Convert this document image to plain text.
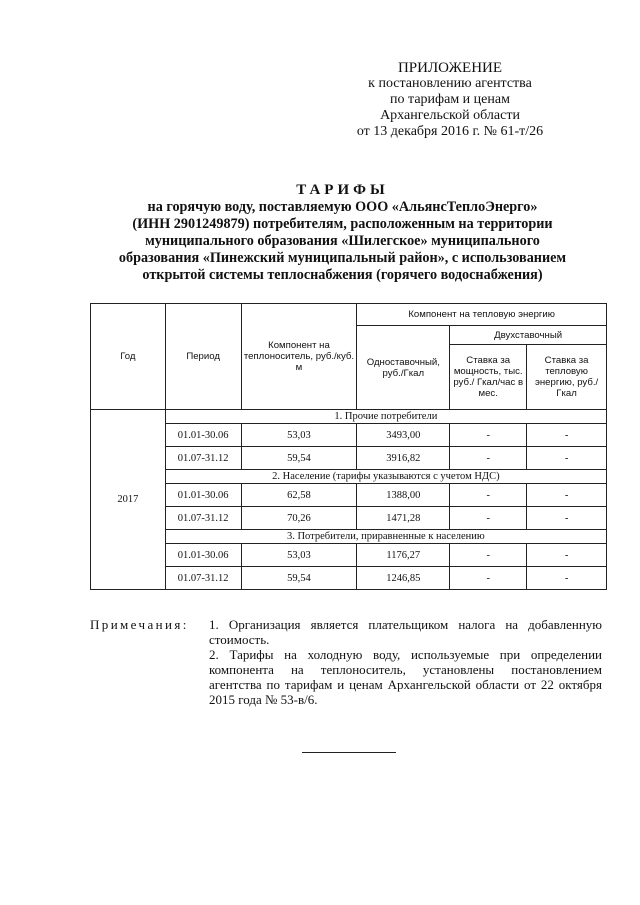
ПРИЛОЖЕНИЕ
к постановлению агентства
по тарифам и ценам
Архангельской области
от 13 декабря 2016 г. № 61-т/26
ТАРИФЫ
на горячую воду, поставляемую ООО «АльянсТеплоЭнерго»
(ИНН 2901249879) потребителям, расположенным на территории
муниципального образования «Шилегское» муниципального
образования «Пинежский муниципальный район», с использованием
открытой системы теплоснабжения (горячего водоснабжения)
Год	Период	Компонент на теплоноситель, руб./куб. м	Компонент на тепловую энергию		
			Одноставочный, руб./Гкал	Двухставочный	
				Ставка за мощность, тыс. руб./ Гкал/час в мес.	Ставка за тепловую энергию, руб./Гкал
2017	1. Прочие потребители				
	01.01-30.06	53,03	3493,00	-	-
	01.07-31.12	59,54	3916,82	-	-
	2. Население (тарифы указываются с учетом НДС)				
	01.01-30.06	62,58	1388,00	-	-
	01.07-31.12	70,26	1471,28	-	-
	3. Потребители, приравненные к населению				
	01.01-30.06	53,03	1176,27	-	-
	01.07-31.12	59,54	1246,85	-	-
Примечания: 1. Организация является плательщиком налога на добавленную стоимость.

2. Тарифы на холодную воду, используемые при определении компонента на теплоноситель, установлены постановлением агентства по тарифам и ценам Архангельской области от 22 октября 2015 года № 53-в/6.
